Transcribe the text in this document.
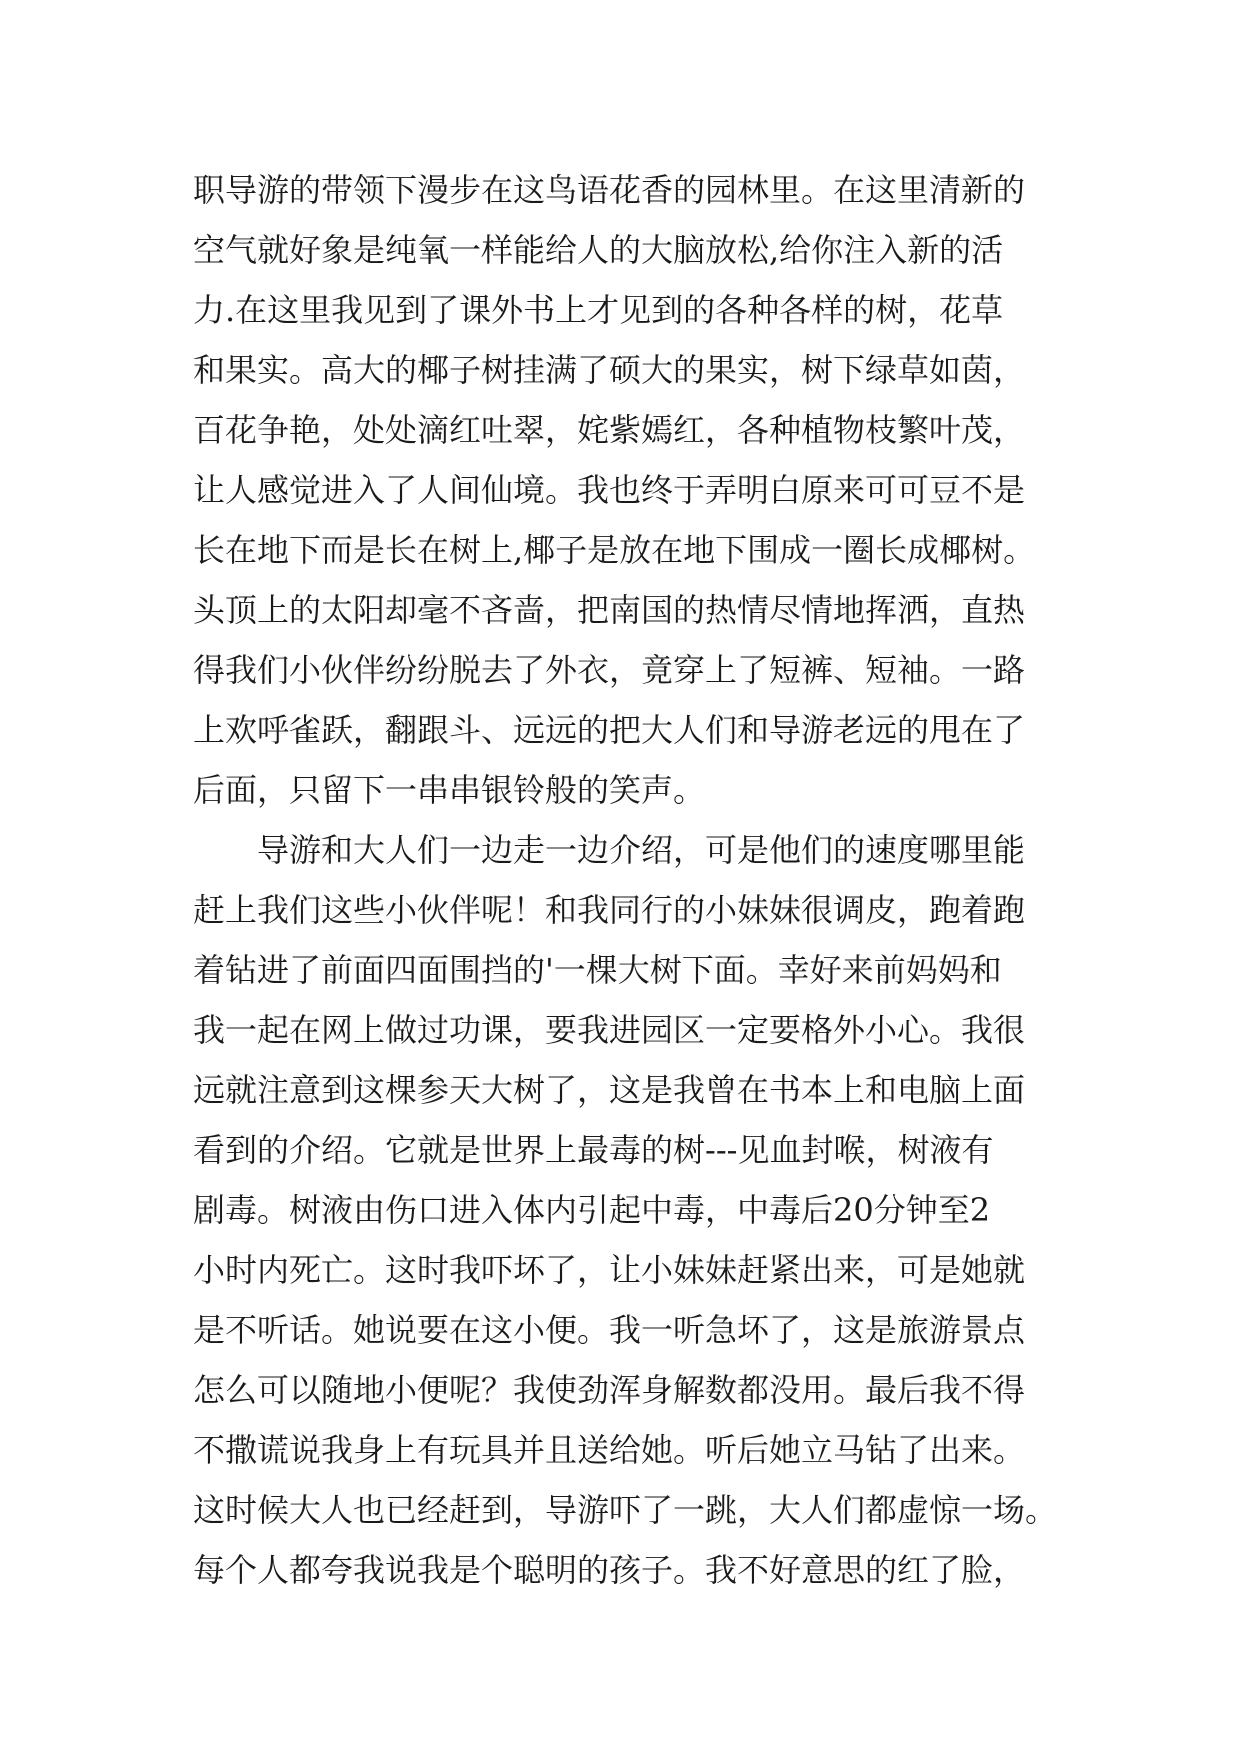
职导游的带领下漫步在这鸟语花香的园林里。在这里清新的
空气就好象是纯氧一样能给人的大脑放松,给你注入新的活
力.在这里我见到了课外书上才见到的各种各样的树，花草
和果实。高大的椰子树挂满了硕大的果实，树下绿草如茵，
百花争艳，处处滴红吐翠，姹紫嫣红，各种植物枝繁叶茂，
让人感觉进入了人间仙境。我也终于弄明白原来可可豆不是
长在地下而是长在树上,椰子是放在地下围成一圈长成椰树。
头顶上的太阳却毫不吝啬，把南国的热情尽情地挥洒，直热
得我们小伙伴纷纷脱去了外衣，竟穿上了短裤、短袖。一路
上欢呼雀跃，翻跟斗、远远的把大人们和导游老远的甩在了
后面，只留下一串串银铃般的笑声。
导游和大人们一边走一边介绍，可是他们的速度哪里能
赶上我们这些小伙伴呢！和我同行的小妹妹很调皮，跑着跑
着钻进了前面四面围挡的'一棵大树下面。幸好来前妈妈和
我一起在网上做过功课，要我进园区一定要格外小心。我很
远就注意到这棵参天大树了，这是我曾在书本上和电脑上面
看到的介绍。它就是世界上最毒的树---见血封喉，树液有
剧毒。树液由伤口进入体内引起中毒，中毒后20分钟至2
小时内死亡。这时我吓坏了，让小妹妹赶紧出来，可是她就
是不听话。她说要在这小便。我一听急坏了，这是旅游景点
怎么可以随地小便呢？我使劲浑身解数都没用。最后我不得
不撒谎说我身上有玩具并且送给她。听后她立马钻了出来。
这时候大人也已经赶到，导游吓了一跳，大人们都虚惊一场。
每个人都夸我说我是个聪明的孩子。我不好意思的红了脸，
